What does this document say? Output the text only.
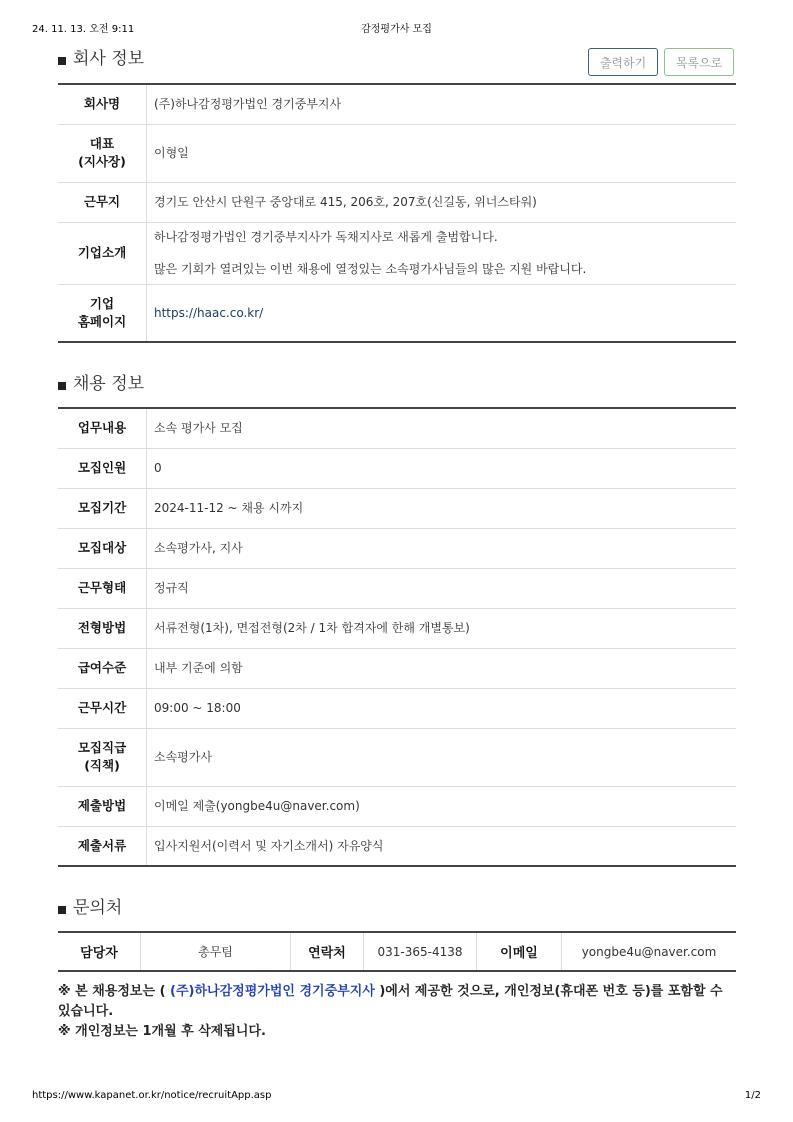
24. 11. 13. 오전 9:11	감정평가사 모집
회사 정보	출력하기	목록으로
회사명	(주)하나감정평가법인 경기중부지사
대표
(지사장)	이형일
근무지	경기도 안산시 단원구 중앙대로 415, 206호, 207호(신길동, 위너스타워)
기업소개	하나감정평가법인 경기중부지사가 독채지사로 새롭게 출범합니다.
많은 기회가 열려있는 이번 채용에 열정있는 소속평가사님들의 많은 지원 바랍니다.

기업
홈페이지	https://haac.co.kr/
채용 정보
업무내용	소속 평가사 모집
모집인원	0
모집기간	2024-11-12 ~ 채용 시까지
모집대상	소속평가사, 지사
근무형태	정규직
전형방법	서류전형(1차), 면접전형(2차 / 1차 합격자에 한해 개별통보)
급여수준	내부 기준에 의함
근무시간	09:00 ~ 18:00
모집직급
(직책)	소속평가사
제출방법	이메일 제출(yongbe4u@naver.com)
제출서류	입사지원서(이력서 및 자기소개서) 자유양식
문의처
담당자	총무팀	연락처	031-365-4138	이메일	yongbe4u@naver.com
※ 본 채용정보는 ( (주)하나감정평가법인 경기중부지사 )에서 제공한 것으로, 개인정보(휴대폰 번호 등)를 포함할 수 있습니다.
※ 개인정보는 1개월 후 삭제됩니다.
https://www.kapanet.or.kr/notice/recruitApp.asp	1/2
